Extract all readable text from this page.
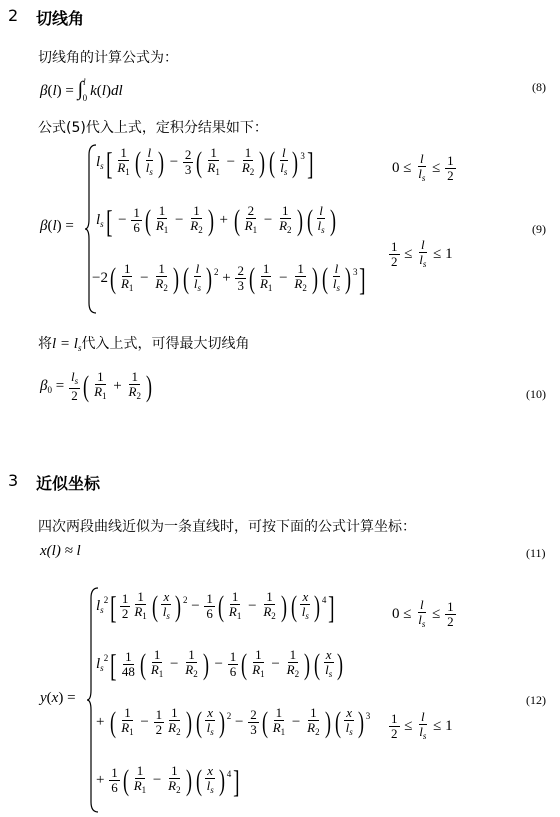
2 切线角
切线角的计算公式为：
β(l) = ∫$^l_0$ k(l)dl	(8)
公式(5)代入上式，定积分结果如下：
β(l) =
$l_s[ \frac{1}{R_1}$ ( $\frac{l}{l_s}$ ) − $\frac{2}{3}$ ( $\frac{1}{R_1} - \frac{1}{R_2}$ ) ( $\frac{l}{l_s}$ ) $^3$]	$0 \le \frac{l}{l_s} \le \frac{1}{2}$
$l_s[ - \frac{1}{6}$ ( $\frac{1}{R_1} - \frac{1}{R_2}$ ) + ( $\frac{2}{R_1} - \frac{1}{R_2}$ ) ( $\frac{l}{l_s}$ )
$-2( \frac{1}{R_1} - \frac{1}{R_2}$ ) ( $\frac{l}{l_s}$ ) $^2 + \frac{2}{3}$ ( $\frac{1}{R_1} - \frac{1}{R_2}$ ) ( $\frac{l}{l_s}$ ) $^3$]
$\frac{1}{2} \le \frac{l}{l_s} \le 1$
(9)
将$l = l_s$代入上式，可得最大切线角
$\beta_0 = \frac{l_s}{2}$ ( $\frac{1}{R_1} + \frac{1}{R_2}$ )	(10)
3 近似坐标
四次两段曲线近似为一条直线时，可按下面的公式计算坐标：
x(l) ≈ l	(11)
y(x) =
$l_s^2[ \frac{1}{2} \frac{1}{R_1}$ ( $\frac{x}{l_s}$ ) $^2 - \frac{1}{6}$ ( $\frac{1}{R_1} - \frac{1}{R_2}$ ) ( $\frac{x}{l_s}$ ) $^4$]	$0 \le \frac{l}{l_s} \le \frac{1}{2}$
$l_s^2[ \frac{1}{48}$ ( $\frac{1}{R_1} - \frac{1}{R_2}$ ) − $\frac{1}{6}$ ( $\frac{1}{R_1} - \frac{1}{R_2}$ ) ( $\frac{x}{l_s}$ )
+ ( $\frac{1}{R_1} - \frac{1}{2} \frac{1}{R_2}$ ) ( $\frac{x}{l_s}$ ) $^2 - \frac{2}{3}$ ( $\frac{1}{R_1} - \frac{1}{R_2}$ ) ( $\frac{x}{l_s}$ ) $^3 \frac{1}{2} \le \frac{l}{l_s} \le 1$
(12)
+ $\frac{1}{6}$ ( $\frac{1}{R_1} - \frac{1}{R_2}$ ) ( $\frac{x}{l_s}$ ) $^4$]
